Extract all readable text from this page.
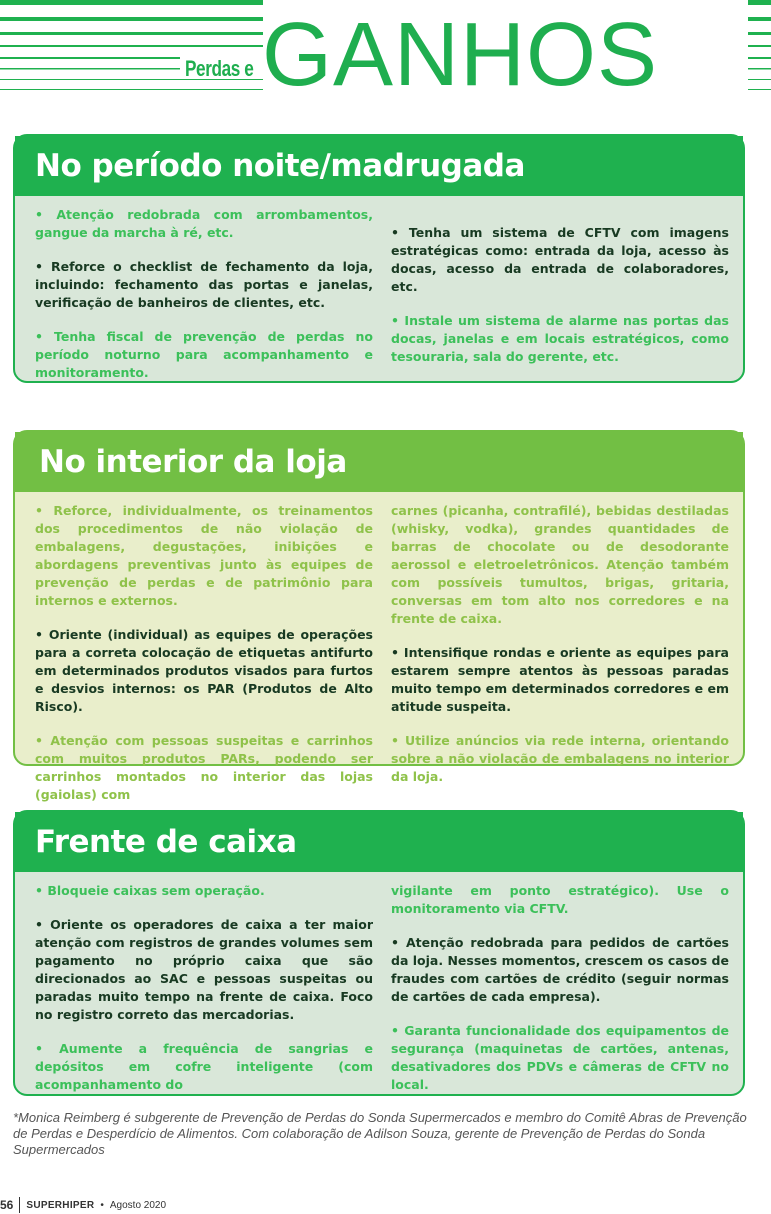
Perdas e GANHOS
No período noite/madrugada

• Atenção redobrada com arrombamentos, gangue da marcha à ré, etc.

• Reforce o checklist de fechamento da loja, incluindo: fechamento das portas e janelas, verificação de banheiros de clientes, etc.

• Tenha fiscal de prevenção de perdas no período noturno para acompanhamento e monitoramento.

• Tenha um sistema de CFTV com imagens estratégicas como: entrada da loja, acesso às docas, acesso da entrada de colaboradores, etc.

• Instale um sistema de alarme nas portas das docas, janelas e em locais estratégicos, como tesouraria, sala do gerente, etc.

No interior da loja

• Reforce, individualmente, os treinamentos dos procedimentos de não violação de embalagens, degustações, inibições e abordagens preventivas junto às equipes de prevenção de perdas e de patrimônio para internos e externos.

• Oriente (individual) as equipes de operações para a correta colocação de etiquetas antifurto em determinados produtos visados para furtos e desvios internos: os PAR (Produtos de Alto Risco).

• Atenção com pessoas suspeitas e carrinhos com muitos produtos PARs, podendo ser carrinhos montados no interior das lojas (gaiolas) com

carnes (picanha, contrafilé), bebidas destiladas (whisky, vodka), grandes quantidades de barras de chocolate ou de desodorante aerossol e eletroeletrônicos. Atenção também com possíveis tumultos, brigas, gritaria, conversas em tom alto nos corredores e na frente de caixa.

• Intensifique rondas e oriente as equipes para estarem sempre atentos às pessoas paradas muito tempo em determinados corredores e em atitude suspeita.

• Utilize anúncios via rede interna, orientando sobre a não violação de embalagens no interior da loja.

Frente de caixa

• Bloqueie caixas sem operação.

• Oriente os operadores de caixa a ter maior atenção com registros de grandes volumes sem pagamento no próprio caixa que são direcionados ao SAC e pessoas suspeitas ou paradas muito tempo na frente de caixa. Foco no registro correto das mercadorias.

• Aumente a frequência de sangrias e depósitos em cofre inteligente (com acompanhamento do

vigilante em ponto estratégico). Use o monitoramento via CFTV.

• Atenção redobrada para pedidos de cartões da loja. Nesses momentos, crescem os casos de fraudes com cartões de crédito (seguir normas de cartões de cada empresa).

• Garanta funcionalidade dos equipamentos de segurança (maquinetas de cartões, antenas, desativadores dos PDVs e câmeras de CFTV no local.

*Monica Reimberg é subgerente de Prevenção de Perdas do Sonda Supermercados e membro do Comitê Abras de Prevenção de Perdas e Desperdício de Alimentos. Com colaboração de Adilson Souza, gerente de Prevenção de Perdas do Sonda Supermercados
56 SUPERHIPER • Agosto 2020
